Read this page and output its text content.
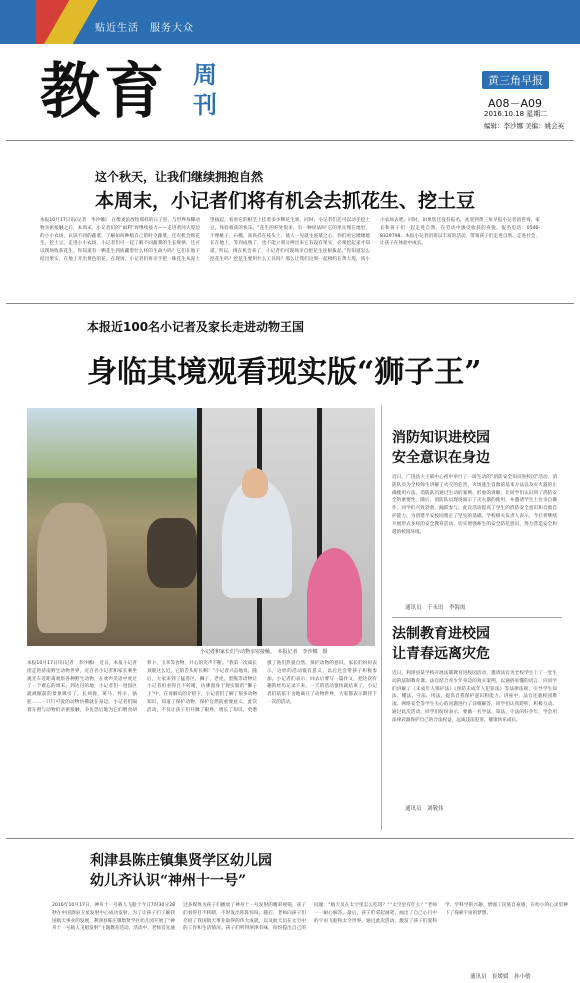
贴近生活　服务大众
教育 周刊
黄三角早报
A08－A09
2016.10.18 星期二
编辑：李沙娜 美编：姚会英
这个秋天，让我们继续拥抱自然
本周末，小记者们将有机会去抓花生、挖土豆
本报10月17日讯(记者　李沙娜)　在像麦浪放牧那样的日子里，与世界珍稀动物亲密接触之后，本周末，小记者们的“福利”将继续接力——走进黄河大堤边的小小农场，认识不同的蔬菜，了解如何种植自己的时令蔬菜，还有机会抓花生、挖土豆。走进小小农场，小记者们可一起了解不同蔬菜的生长规律，还可以现场收获花生。你知道有一颗花生到底藏着什么样的生命力吗？它们在地下结出果实，在地上开出黄色的花。在现场，小记者们将亲手把一株花生从泥土里拔起，看看它的根茎上挂着多少颗花生果。同时，小记者们还可以动手挖土豆，体验收获的快乐。“花生的好处很多，有一种说法叫‘它的果实埋在地里，不像桃子、石榴，高高挂在枝头上，使人一见就生爱慕之心，你们看它矮矮地长在地上，等到成熟了，也不能立刻分辨出来它有没有果实，必须挖起来才知道。’所以，现在机会来了，小记者们可现场亲自把花生连根拔起。”你知道怎么挖花生吗？挖花生要用什么工具吗？那么让我们这周一起相约在黄大堤，到小小农场去吧。同时，如果您还没有报名，欢迎到黄三角早报小记者团咨询，家长和孩子们一起走进自然，在劳动中感受收获的喜悦。报名电话：0546-8329798。本报小记者团将以丰富的活动，带领孩子们走进自然、走进社会，让孩子在体验中成长。
本报近100名小记者及家长走进动物王国
身临其境观看现实版“狮子王”
小记者和家长们与动物亲密接触。　本报记者　李沙娜　摄
本报10月17日讯(记者　李沙娜)　近日，本报小记者团走进济南野生动物世界，近百名小记者和家长乘坐观光车近距离观察各种野生动物，在欢声笑语中度过了一个难忘的周末。到达目的地，小记者们一进园区就被眼前的景象吸引了。长颈鹿、斑马、羚羊、骆驼……一只只可爱的动物仿佛就在身边。小记者们隔着车窗与动物们亲密接触，争先恐后地为它们喂食胡萝卜、玉米等食物，开心的笑声不断。“我第一次离长颈鹿这么近，它的舌头好长啊！”小记者兴奋地说。随后，大家来到了猛兽区，狮子、老虎、黑熊等动物让小记者们看得目不转睛，仿佛置身于现实版的“狮子王”中。在讲解员的介绍下，小记者们了解了很多动物知识，知道了保护动物、保护自然的重要意义。此次活动，不仅让孩子们开阔了眼界，增长了知识，更增强了他们热爱自然、保护动物的意识。家长们纷纷表示，这样的活动很有意义，以后还会带孩子积极参加。小记者们表示，回去后要写一篇作文，把这次有趣的经历记录下来。一天的活动很快就结束了，小记者们依依不舍地离开了动物世界，大家都表示期待下一次的活动。
消防知识进校园
安全意识在身边
近日，广饶县大王镇中心初中举行了一场生动的“消防安全知识进校园”活动。消防队员为全校师生讲解了火灾的危害、火场逃生自救的基本方法以及灭火器的正确使用方法。消防队员通过生动的案例、形象的讲解，让同学们认识到了消防安全的重要性。随后，消防队员现场演示了灭火器的使用，并邀请学生上台亲自操作，同学们兴致勃勃，踊跃参与。此次活动提高了学生的消防安全意识和自救自护能力，为创建平安校园奠定了坚实的基础。学校相关负责人表示，今后将继续开展形式多样的安全教育活动，切实增强师生的安全防范意识，努力营造安全和谐的校园环境。
通讯员　于永田　李海霞
法制教育进校园
让青春远离灾危
近日，利津县某学校开展法制教育进校园活动，邀请法官为全校学生上了一堂生动的法制教育课。法官结合青少年身边的真实案例，以通俗易懂的语言，向同学们讲解了《未成年人保护法》《预防未成年人犯罪法》等法律法规，引导学生知法、懂法、守法、用法，提高自我保护意识和能力。讲座中，法官还就校园欺凌、网络安全等学生关心的问题进行了详细解答，同学们认真聆听，积极互动。通过此次活动，同学们纷纷表示，要做一名学法、知法、守法的好少年，学会用法律武器保护自己的合法权益，远离违法犯罪，健康快乐成长。
通讯员　刘敬伟
利津县陈庄镇集贤学区幼儿园
幼儿齐认识“神州十一号”
2016年10月17日，神舟十一号载人飞船于今日7时30分28秒在中国酒泉卫星发射中心成功发射。为了让孩子们了解我国航天事业的发展，利津县陈庄镇集贤学区幼儿园开展了“神舟十一号载人飞船发射”主题教育活动。活动中，老师首先通过多媒体为孩子们播放了神舟十一号发射的精彩视频，孩子们看得目不转睛，不时发出阵阵惊叹。随后，老师向孩子们介绍了我国航天事业取得的伟大成就，以及航天员在太空中的工作和生活情况。孩子们听得津津有味，纷纷提出自己的问题：“航天员在太空里怎么吃饭？”“太空里有什么？”老师一一耐心解答。最后，孩子们拿起画笔，画出了自己心目中的宇宙飞船和太空世界。通过此次活动，激发了孩子们爱科学、学科学的兴趣，增强了民族自豪感，在幼小的心灵里种下了探索宇宙的梦想。
通讯员　崔媛媛　孙小敏
